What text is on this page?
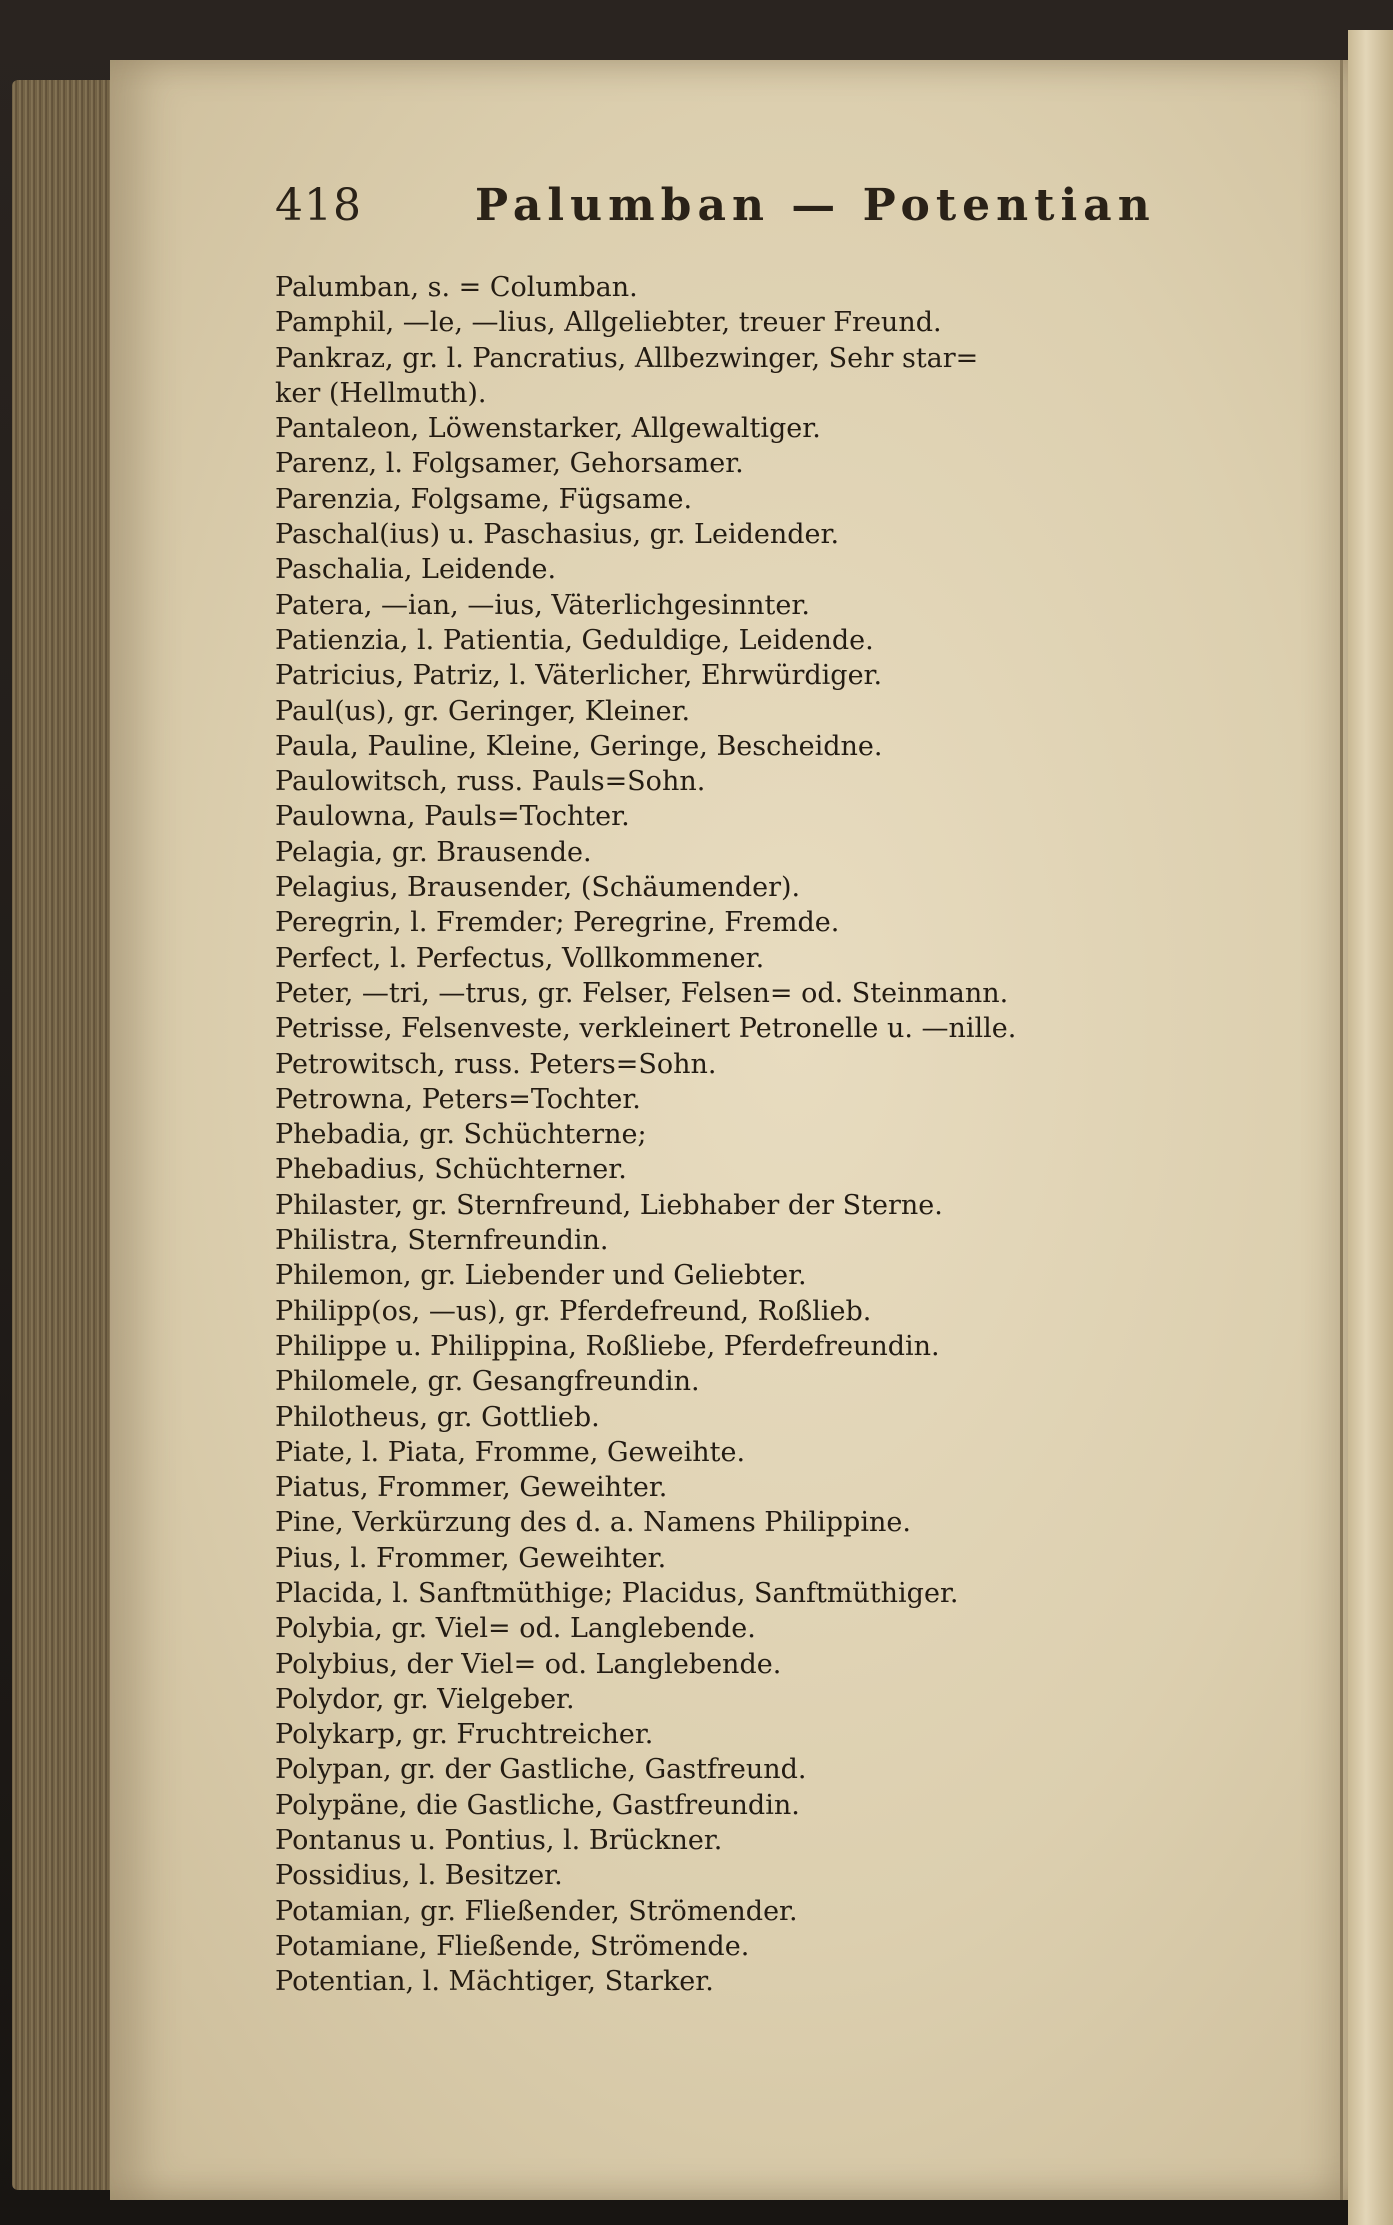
418	Palumban — Potentian
Palumban, s. = Columban.
Pamphil, —le, —lius, Allgeliebter, treuer Freund.
Pankraz, gr. l. Pancratius, Allbezwinger, Sehr star=
ker (Hellmuth).
Pantaleon, Löwenstarker, Allgewaltiger.
Parenz, l. Folgsamer, Gehorsamer.
Parenzia, Folgsame, Fügsame.
Paschal(ius) u. Paschasius, gr. Leidender.
Paschalia, Leidende.
Patera, —ian, —ius, Väterlichgesinnter.
Patienzia, l. Patientia, Geduldige, Leidende.
Patricius, Patriz, l. Väterlicher, Ehrwürdiger.
Paul(us), gr. Geringer, Kleiner.
Paula, Pauline, Kleine, Geringe, Bescheidne.
Paulowitsch, russ. Pauls=Sohn.
Paulowna, Pauls=Tochter.
Pelagia, gr. Brausende.
Pelagius, Brausender, (Schäumender).
Peregrin, l. Fremder; Peregrine, Fremde.
Perfect, l. Perfectus, Vollkommener.
Peter, —tri, —trus, gr. Felser, Felsen= od. Steinmann.
Petrisse, Felsenveste, verkleinert Petronelle u. —nille.
Petrowitsch, russ. Peters=Sohn.
Petrowna, Peters=Tochter.
Phebadia, gr. Schüchterne;
Phebadius, Schüchterner.
Philaster, gr. Sternfreund, Liebhaber der Sterne.
Philistra, Sternfreundin.
Philemon, gr. Liebender und Geliebter.
Philipp(os, —us), gr. Pferdefreund, Roßlieb.
Philippe u. Philippina, Roßliebe, Pferdefreundin.
Philomele, gr. Gesangfreundin.
Philotheus, gr. Gottlieb.
Piate, l. Piata, Fromme, Geweihte.
Piatus, Frommer, Geweihter.
Pine, Verkürzung des d. a. Namens Philippine.
Pius, l. Frommer, Geweihter.
Placida, l. Sanftmüthige; Placidus, Sanftmüthiger.
Polybia, gr. Viel= od. Langlebende.
Polybius, der Viel= od. Langlebende.
Polydor, gr. Vielgeber.
Polykarp, gr. Fruchtreicher.
Polypan, gr. der Gastliche, Gastfreund.
Polypäne, die Gastliche, Gastfreundin.
Pontanus u. Pontius, l. Brückner.
Possidius, l. Besitzer.
Potamian, gr. Fließender, Strömender.
Potamiane, Fließende, Strömende.
Potentian, l. Mächtiger, Starker.
